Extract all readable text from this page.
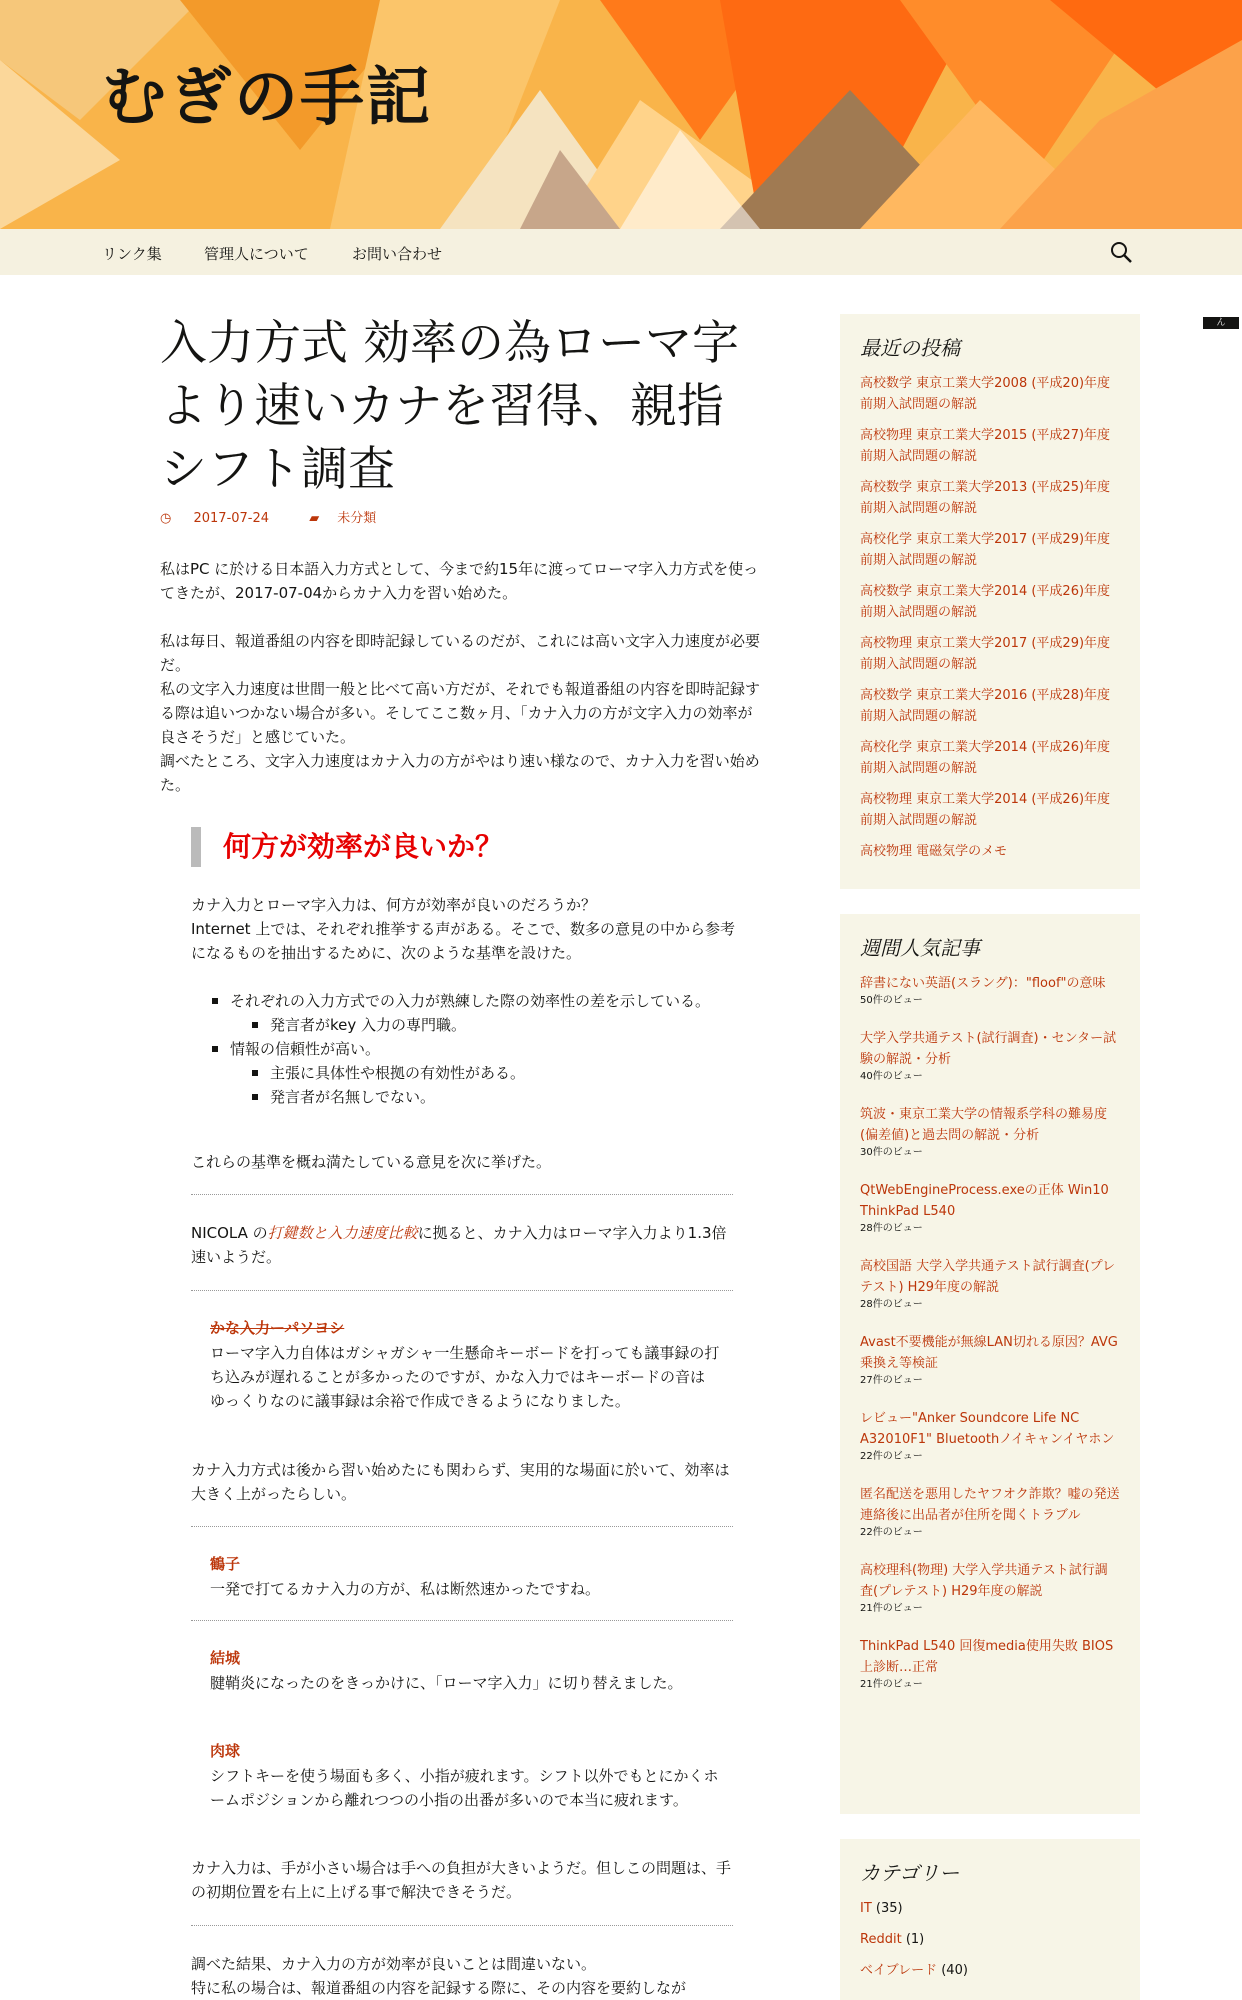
むぎの手記
リンク集	管理人について	お問い合わせ
ん
入力方式 効率の為ローマ字より速いカナを習得、親指シフト調査
◷ 2017-07-24	▰ 未分類

私はPC に於ける日本語入力方式として、今まで約15年に渡ってローマ字入力方式を使ってきたが、2017-07-04からカナ入力を習い始めた。

私は毎日、報道番組の内容を即時記録しているのだが、これには高い文字入力速度が必要だ。

私の文字入力速度は世間一般と比べて高い方だが、それでも報道番組の内容を即時記録する際は追いつかない場合が多い。そしてここ数ヶ月、「カナ入力の方が文字入力の効率が良さそうだ」と感じていた。

調べたところ、文字入力速度はカナ入力の方がやはり速い様なので、カナ入力を習い始めた。

何方が効率が良いか？

カナ入力とローマ字入力は、何方が効率が良いのだろうか？

Internet 上では、それぞれ推挙する声がある。そこで、数多の意見の中から参考になるものを抽出するために、次のような基準を設けた。

それぞれの入力方式での入力が熟練した際の効率性の差を示している。
発言者がkey 入力の専門職。
情報の信頼性が高い。
主張に具体性や根拠の有効性がある。
発言者が名無しでない。

これらの基準を概ね満たしている意見を次に挙げた。

NICOLA の打鍵数と入力速度比較に拠ると、カナ入力はローマ字入力より1.3倍速いようだ。

かな入力ーパソヨシ

ローマ字入力自体はガシャガシャ一生懸命キーボードを打っても議事録の打ち込みが遅れることが多かったのですが、かな入力ではキーボードの音はゆっくりなのに議事録は余裕で作成できるようになりました。

カナ入力方式は後から習い始めたにも関わらず、実用的な場面に於いて、効率は大きく上がったらしい。

鶴子

一発で打てるカナ入力の方が、私は断然速かったですね。

結城

腱鞘炎になったのをきっかけに、「ローマ字入力」に切り替えました。

肉球

シフトキーを使う場面も多く、小指が疲れます。シフト以外でもとにかくホームポジションから離れつつの小指の出番が多いので本当に疲れます。

カナ入力は、手が小さい場合は手への負担が大きいようだ。但しこの問題は、手の初期位置を右上に上げる事で解決できそうだ。

調べた結果、カナ入力の方が効率が良いことは間違いない。

特に私の場合は、報道番組の内容を記録する際に、その内容を要約しなが

最近の投稿
高校数学 東京工業大学2008 (平成20)年度前期入試問題の解説
高校物理 東京工業大学2015 (平成27)年度前期入試問題の解説
高校数学 東京工業大学2013 (平成25)年度前期入試問題の解説
高校化学 東京工業大学2017 (平成29)年度前期入試問題の解説
高校数学 東京工業大学2014 (平成26)年度前期入試問題の解説
高校物理 東京工業大学2017 (平成29)年度前期入試問題の解説
高校数学 東京工業大学2016 (平成28)年度前期入試問題の解説
高校化学 東京工業大学2014 (平成26)年度前期入試問題の解説
高校物理 東京工業大学2014 (平成26)年度前期入試問題の解説
高校物理 電磁気学のメモ
週間人気記事
辞書にない英語(スラング)："floof"の意味
50件のビュー
大学入学共通テスト(試行調査)・センター試験の解説・分析
40件のビュー
筑波・東京工業大学の情報系学科の難易度(偏差値)と過去問の解説・分析
30件のビュー
QtWebEngineProcess.exeの正体 Win10 ThinkPad L540
28件のビュー
高校国語 大学入学共通テスト試行調査(プレテスト) H29年度の解説
28件のビュー
Avast不要機能が無線LAN切れる原因？AVG乗換え等検証
27件のビュー
レビュー"Anker Soundcore Life NC A32010F1" Bluetoothノイキャンイヤホン
22件のビュー
匿名配送を悪用したヤフオク詐欺？嘘の発送連絡後に出品者が住所を聞くトラブル
22件のビュー
高校理科(物理) 大学入学共通テスト試行調査(プレテスト) H29年度の解説
21件のビュー
ThinkPad L540 回復media使用失敗 BIOS上診断…正常
21件のビュー
カテゴリー
IT (35)
Reddit (1)
ベイブレード (40)
